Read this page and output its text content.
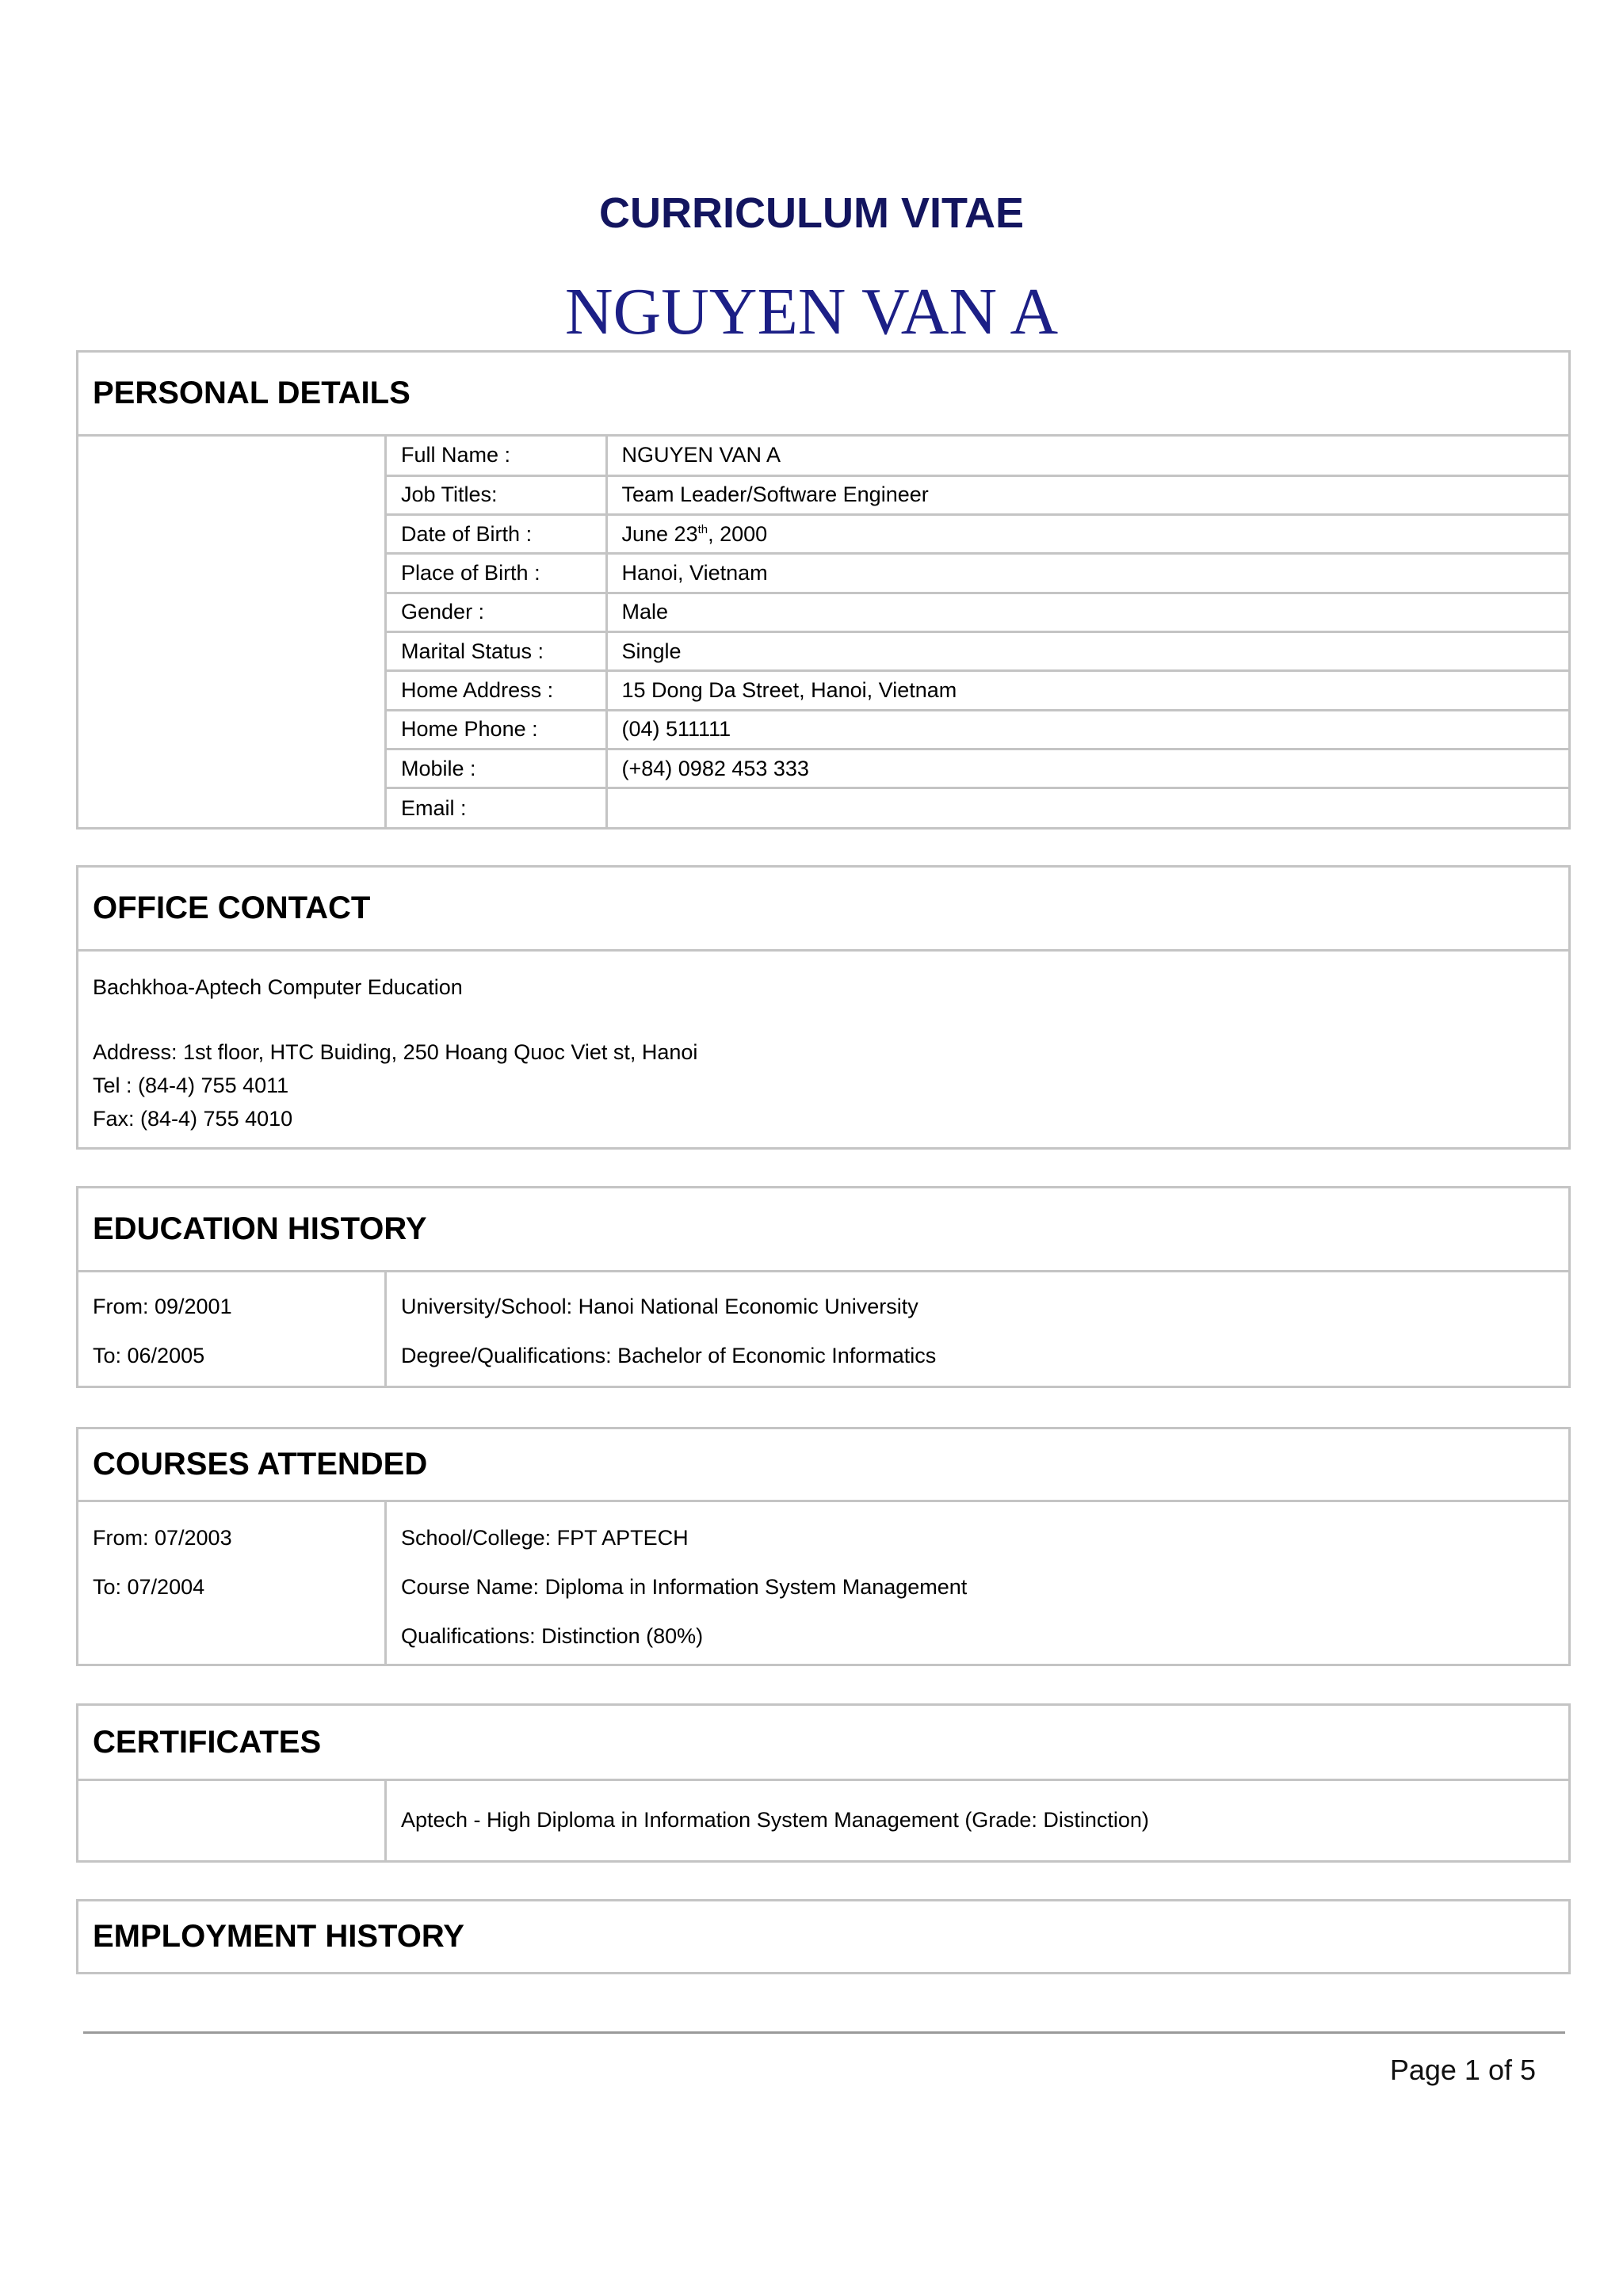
CURRICULUM VITAE
NGUYEN VAN A
PERSONAL DETAILS
Full Name :	NGUYEN VAN A
Job Titles:	Team Leader/Software Engineer
Date of Birth :	June 23th, 2000
Place of Birth :	Hanoi, Vietnam
Gender :	Male
Marital Status :	Single
Home Address :	15 Dong Da Street, Hanoi, Vietnam
Home Phone :	(04) 511111
Mobile :	(+84) 0982 453 333
Email :	
OFFICE CONTACT
Bachkhoa-Aptech Computer Education
Address: 1st floor, HTC Buiding, 250 Hoang Quoc Viet st, Hanoi
Tel : (84-4) 755 4011
Fax: (84-4) 755 4010
EDUCATION HISTORY
From: 09/2001
To: 06/2005
University/School: Hanoi National Economic University
Degree/Qualifications: Bachelor of Economic Informatics
COURSES ATTENDED
From: 07/2003
To: 07/2004
School/College: FPT APTECH
Course Name: Diploma in Information System Management
Qualifications: Distinction (80%)
CERTIFICATES
Aptech - High Diploma in Information System Management (Grade: Distinction)
EMPLOYMENT HISTORY
Page 1 of 5
